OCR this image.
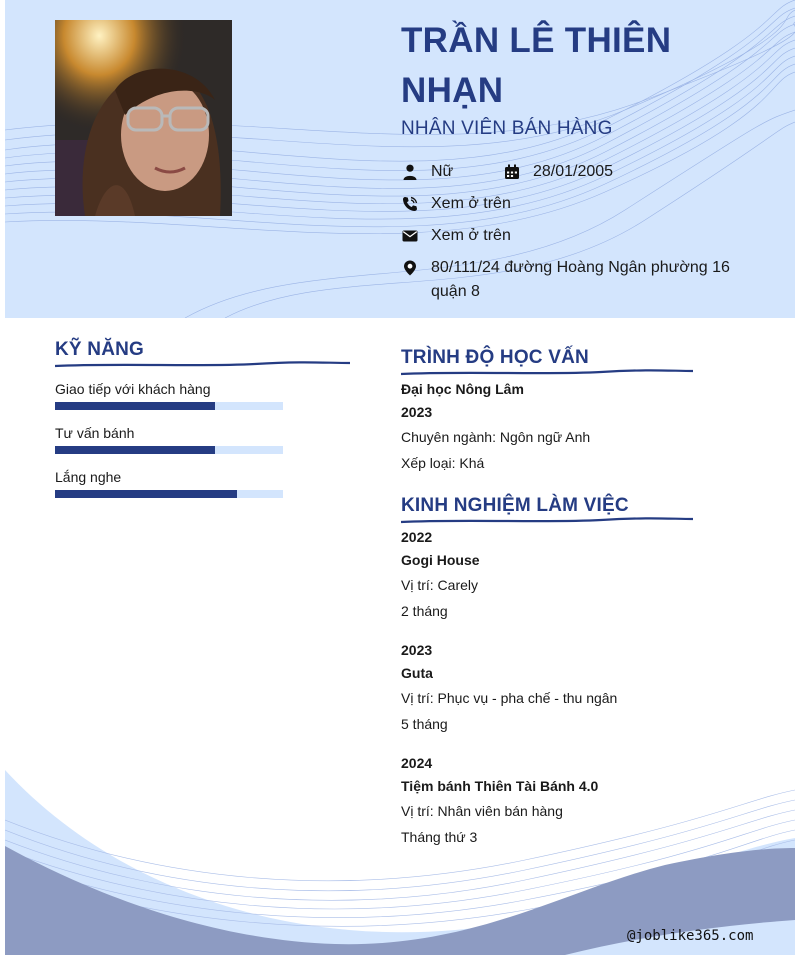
TRẦN LÊ THIÊN NHẠN
NHÂN VIÊN BÁN HÀNG
Nữ	28/01/2005
Xem ở trên
Xem ở trên
80/111/24 đường Hoàng Ngân phường 16 quận 8
KỸ NĂNG
Giao tiếp với khách hàng
Tư vấn bánh
Lắng nghe
TRÌNH ĐỘ HỌC VẤN
Đại học Nông Lâm
2023
Chuyên ngành: Ngôn ngữ Anh
Xếp loại: Khá
KINH NGHIỆM LÀM VIỆC
2022
Gogi House
Vị trí: Carely
2 tháng
2023
Guta
Vị trí: Phục vụ - pha chế - thu ngân
5 tháng
2024
Tiệm bánh Thiên Tài Bánh 4.0
Vị trí: Nhân viên bán hàng
Tháng thứ 3
@joblike365.com
